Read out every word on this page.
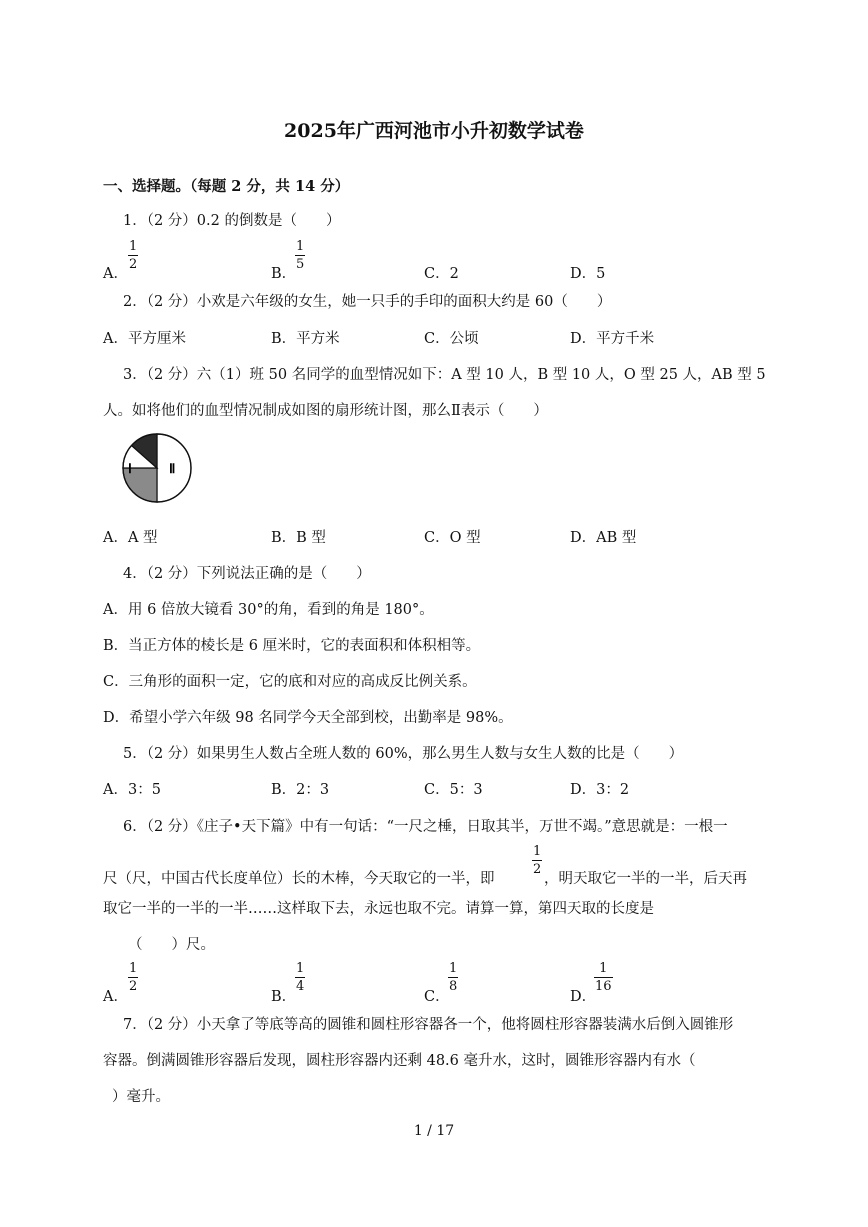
2025年广西河池市小升初数学试卷
一、选择题。（每题 2 分，共 14 分）
1．（2 分）0.2 的倒数是（　　）
A．
1
2
B．
1
5
C．2	D．5
2．（2 分）小欢是六年级的女生，她一只手的手印的面积大约是 60（　　）
A．平方厘米	B．平方米	C．公顷	D．平方千米
3．（2 分）六（1）班 50 名同学的血型情况如下：A 型 10 人，B 型 10 人，O 型 25 人，AB 型 5
人。如将他们的血型情况制成如图的扇形统计图，那么Ⅱ表示（　　）
Ⅰ	Ⅱ
A．A 型	B．B 型	C．O 型	D．AB 型
4．（2 分）下列说法正确的是（　　）
A．用 6 倍放大镜看 30°的角，看到的角是 180°。
B．当正方体的棱长是 6 厘米时，它的表面积和体积相等。
C．三角形的面积一定，它的底和对应的高成反比例关系。
D．希望小学六年级 98 名同学今天全部到校，出勤率是 98%。
5．（2 分）如果男生人数占全班人数的 60%，那么男生人数与女生人数的比是（　　）
A．3：5	B．2：3	C．5：3	D．3：2
6．（2 分）《庄子•天下篇》中有一句话：“一尺之棰，日取其半，万世不竭。”意思就是：一根一
尺（尺，中国古代长度单位）长的木棒，今天取它的一半，即
1
2
，明天取它一半的一半，后天再
取它一半的一半的一半……这样取下去，永远也取不完。请算一算，第四天取的长度是
（　　）尺。
A．
1
2
B．
1
4
C．
1
8
D．
1
16
7．（2 分）小天拿了等底等高的圆锥和圆柱形容器各一个，他将圆柱形容器装满水后倒入圆锥形
容器。倒满圆锥形容器后发现，圆柱形容器内还剩 48.6 毫升水，这时，圆锥形容器内有水（
）毫升。
1 / 17
